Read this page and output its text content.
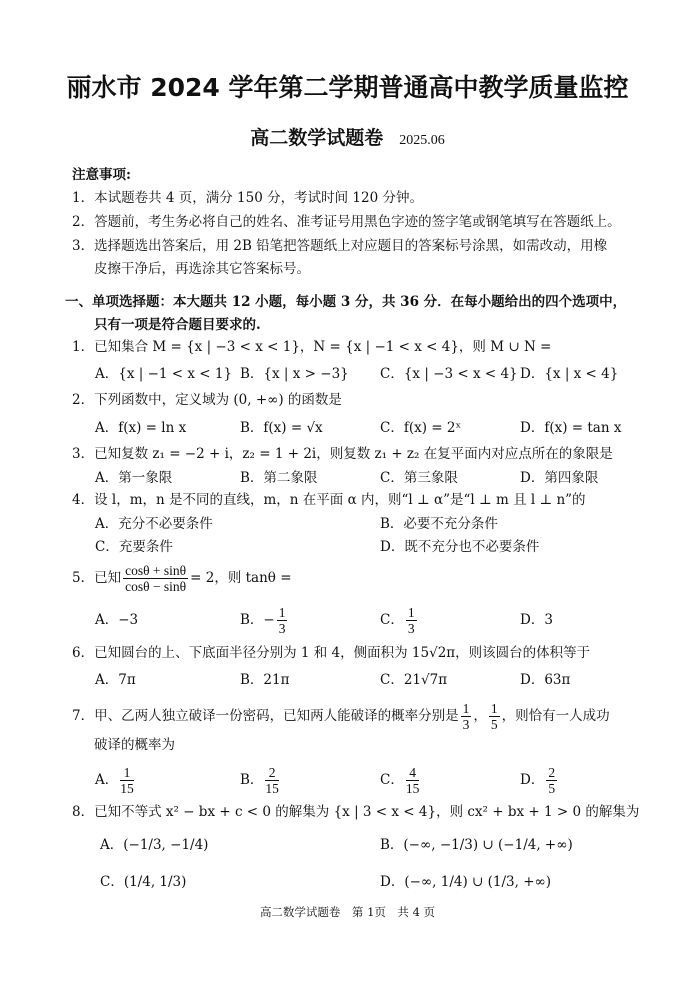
丽水市 2024 学年第二学期普通高中教学质量监控
高二数学试题卷 2025.06
注意事项:
1．本试题卷共 4 页，满分 150 分，考试时间 120 分钟。
2．答题前，考生务必将自己的姓名、准考证号用黑色字迹的签字笔或钢笔填写在答题纸上。
3．选择题选出答案后，用 2B 铅笔把答题纸上对应题目的答案标号涂黑，如需改动，用橡
皮擦干净后，再选涂其它答案标号。
一、单项选择题：本大题共 12 小题，每小题 3 分，共 36 分．在每小题给出的四个选项中，
只有一项是符合题目要求的.
1．已知集合 M = {x | −3 < x < 1}，N = {x | −1 < x < 4}，则 M ∪ N =
A．{x | −1 < x < 1} B．{x | x > −3} C．{x | −3 < x < 4} D．{x | x < 4}
2．下列函数中，定义域为 (0, +∞) 的函数是
A．f(x) = ln x	B．f(x) = √x	C．f(x) = 2ˣ	D．f(x) = tan x
3．已知复数 z₁ = −2 + i，z₂ = 1 + 2i，则复数 z₁ + z₂ 在复平面内对应点所在的象限是
A．第一象限	B．第二象限	C．第三象限	D．第四象限
4．设 l，m，n 是不同的直线，m，n 在平面 α 内，则“l ⊥ α”是“l ⊥ m 且 l ⊥ n”的
A．充分不必要条件	B．必要不充分条件
C．充要条件	D．既不充分也不必要条件
5．已知 $\frac{\cos\theta + \sin\theta}{\cos\theta - \sin\theta} = 2$，则 tanθ =
A．−3	B．− $\frac{1}{3}$	C． $\frac{1}{3}$	D．3
6．已知圆台的上、下底面半径分别为 1 和 4，侧面积为 15√2π，则该圆台的体积等于
A．7π	B．21π	C．21√7π	D．63π
7．甲、乙两人独立破译一份密码，已知两人能破译的概率分别是 $\frac{1}{3}$ ， $\frac{1}{5}$ ，则恰有一人成功
破译的概率为
A． $\frac{1}{15}$	B． $\frac{2}{15}$	C． $\frac{4}{15}$	D． $\frac{2}{5}$
8．已知不等式 x² − bx + c < 0 的解集为 {x | 3 < x < 4}，则 cx² + bx + 1 > 0 的解集为
A．(−1/3, −1/4)	B．(−∞, −1/3) ∪ (−1/4, +∞)
C．(1/4, 1/3)	D．(−∞, 1/4) ∪ (1/3, +∞)
高二数学试题卷　第 1页　共 4 页
